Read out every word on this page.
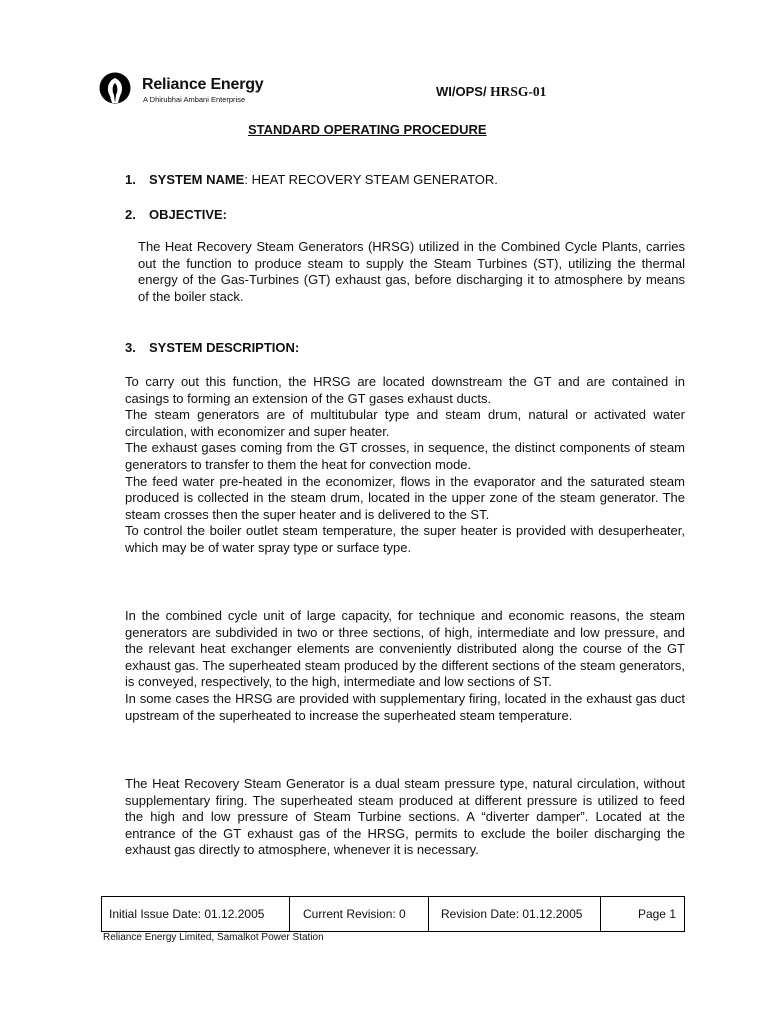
Reliance Energy
A Dhirubhai Ambani Enterprise
WI/OPS/ HRSG-01
STANDARD OPERATING PROCEDURE
1. SYSTEM NAME: HEAT RECOVERY STEAM GENERATOR.
2. OBJECTIVE:

The Heat Recovery Steam Generators (HRSG) utilized in the Combined Cycle Plants, carries out the function to produce steam to supply the Steam Turbines (ST), utilizing the thermal energy of the Gas-Turbines (GT) exhaust gas, before discharging it to atmosphere by means of the boiler stack.

3. SYSTEM DESCRIPTION:

To carry out this function, the HRSG are located downstream the GT and are contained in casings to forming an extension of the GT gases exhaust ducts.

The steam generators are of multitubular type and steam drum, natural or activated water circulation, with economizer and super heater.

The exhaust gases coming from the GT crosses, in sequence, the distinct components of steam generators to transfer to them the heat for convection mode.

The feed water pre-heated in the economizer, flows in the evaporator and the saturated steam produced is collected in the steam drum, located in the upper zone of the steam generator. The steam crosses then the super heater and is delivered to the ST.

To control the boiler outlet steam temperature, the super heater is provided with desuperheater, which may be of water spray type or surface type.

In the combined cycle unit of large capacity, for technique and economic reasons, the steam generators are subdivided in two or three sections, of high, intermediate and low pressure, and the relevant heat exchanger elements are conveniently distributed along the course of the GT exhaust gas. The superheated steam produced by the different sections of the steam generators, is conveyed, respectively, to the high, intermediate and low sections of ST.

In some cases the HRSG are provided with supplementary firing, located in the exhaust gas duct upstream of the superheated to increase the superheated steam temperature.

The Heat Recovery Steam Generator is a dual steam pressure type, natural circulation, without supplementary firing. The superheated steam produced at different pressure is utilized to feed the high and low pressure of Steam Turbine sections. A “diverter damper”. Located at the entrance of the GT exhaust gas of the HRSG, permits to exclude the boiler discharging the exhaust gas directly to atmosphere, whenever it is necessary.

Initial Issue Date: 01.12.2005	Current Revision: 0	Revision Date: 01.12.2005	Page 1
Reliance Energy Limited, Samalkot Power Station
